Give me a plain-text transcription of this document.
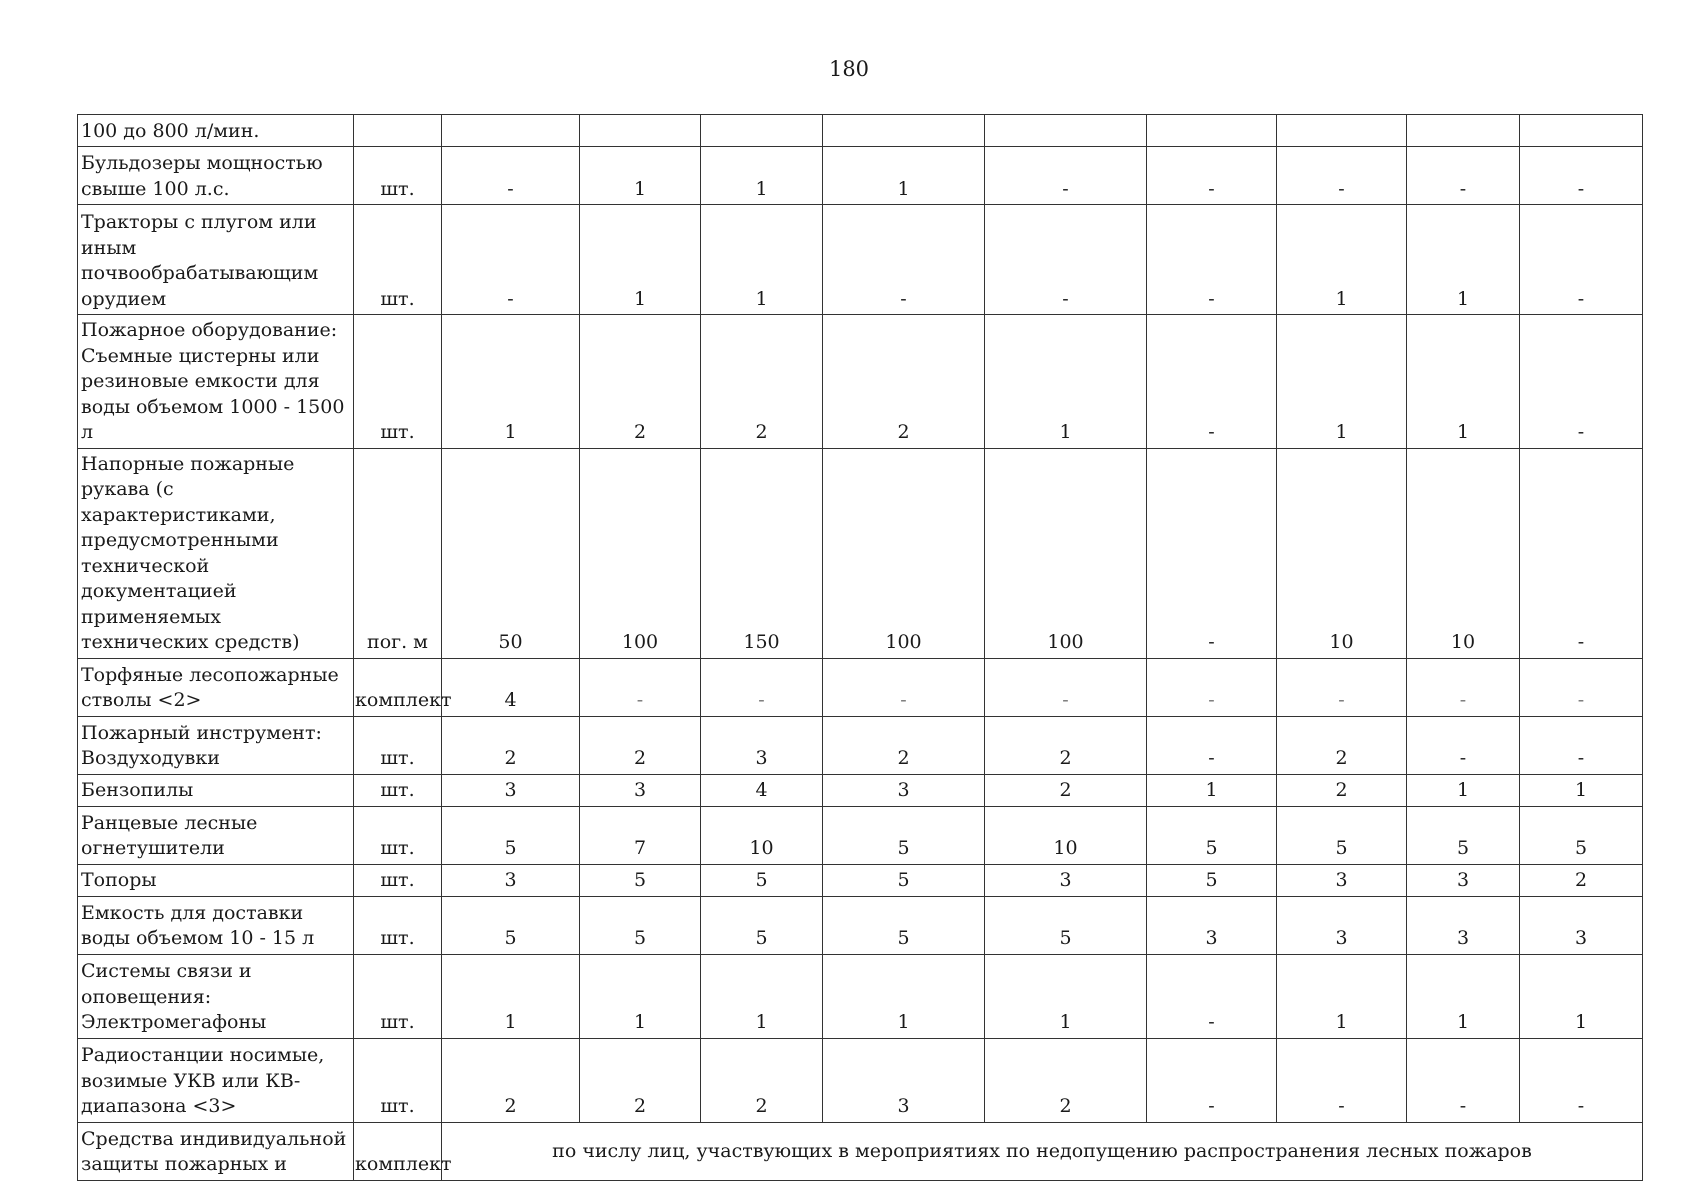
180
100 до 800 л/мин.										
Бульдозеры мощностью свыше 100 л.с.	шт.	-	1	1	1	-	-	-	-	-
Тракторы с плугом или иным почвообрабатывающим орудием	шт.	-	1	1	-	-	-	1	1	-
Пожарное оборудование: Съемные цистерны или резиновые емкости для воды объемом 1000 - 1500 л	шт.	1	2	2	2	1	-	1	1	-
Напорные пожарные рукава (с характеристиками, предусмотренными технической документацией применяемых технических средств)	пог. м	50	100	150	100	100	-	10	10	-
Торфяные лесопожарные стволы <2>	комплект	4	-	-	-	-	-	-	-	-
Пожарный инструмент: Воздуходувки	шт.	2	2	3	2	2	-	2	-	-
Бензопилы	шт.	3	3	4	3	2	1	2	1	1
Ранцевые лесные огнетушители	шт.	5	7	10	5	10	5	5	5	5
Топоры	шт.	3	5	5	5	3	5	3	3	2
Емкость для доставки воды объемом 10 - 15 л	шт.	5	5	5	5	5	3	3	3	3
Системы связи и оповещения: Электромегафоны	шт.	1	1	1	1	1	-	1	1	1
Радиостанции носимые, возимые УКВ или КВ-диапазона <3>	шт.	2	2	2	3	2	-	-	-	-
Средства индивидуальной защиты пожарных и	комплект	по числу лиц, участвующих в мероприятиях по недопущению распространения лесных пожаров								
